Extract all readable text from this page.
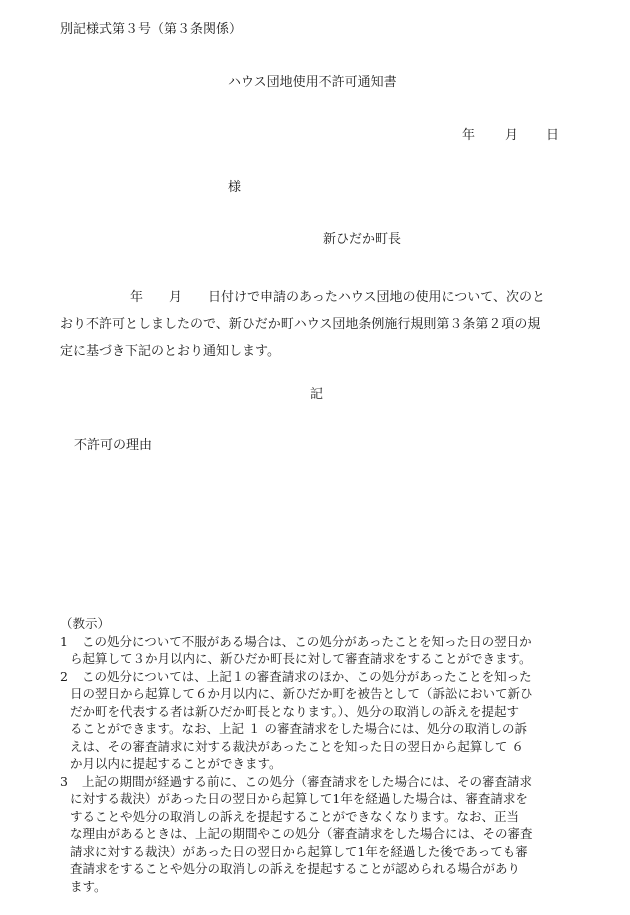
別記様式第３号（第３条関係）
ハウス団地使用不許可通知書
年 月 日
様
新ひだか町長
年　　月　　日付けで申請のあったハウス団地の使用について、次のと
おり不許可としましたので、新ひだか町ハウス団地条例施行規則第３条第２項の規
定に基づき下記のとおり通知します。
記
不許可の理由
（教示）
1 この処分について不服がある場合は、この処分があったことを知った日の翌日か
ら起算して３か月以内に、新ひだか町長に対して審査請求をすることができます。
2 この処分については、上記１の審査請求のほか、この処分があったことを知った
日の翌日から起算して６か月以内に、新ひだか町を被告として（訴訟において新ひ
だか町を代表する者は新ひだか町長となります。）、処分の取消しの訴えを提起す
ることができます。なお、上記 １ の審査請求をした場合には、処分の取消しの訴
えは、その審査請求に対する裁決があったことを知った日の翌日から起算して ６
か月以内に提起することができます。
3 上記の期間が経過する前に、この処分（審査請求をした場合には、その審査請求
に対する裁決）があった日の翌日から起算して1年を経過した場合は、審査請求を
することや処分の取消しの訴えを提起することができなくなります。なお、正当
な理由があるときは、上記の期間やこの処分（審査請求をした場合には、その審査
請求に対する裁決）があった日の翌日から起算して1年を経過した後であっても審
査請求をすることや処分の取消しの訴えを提起することが認められる場合があり
ます。
